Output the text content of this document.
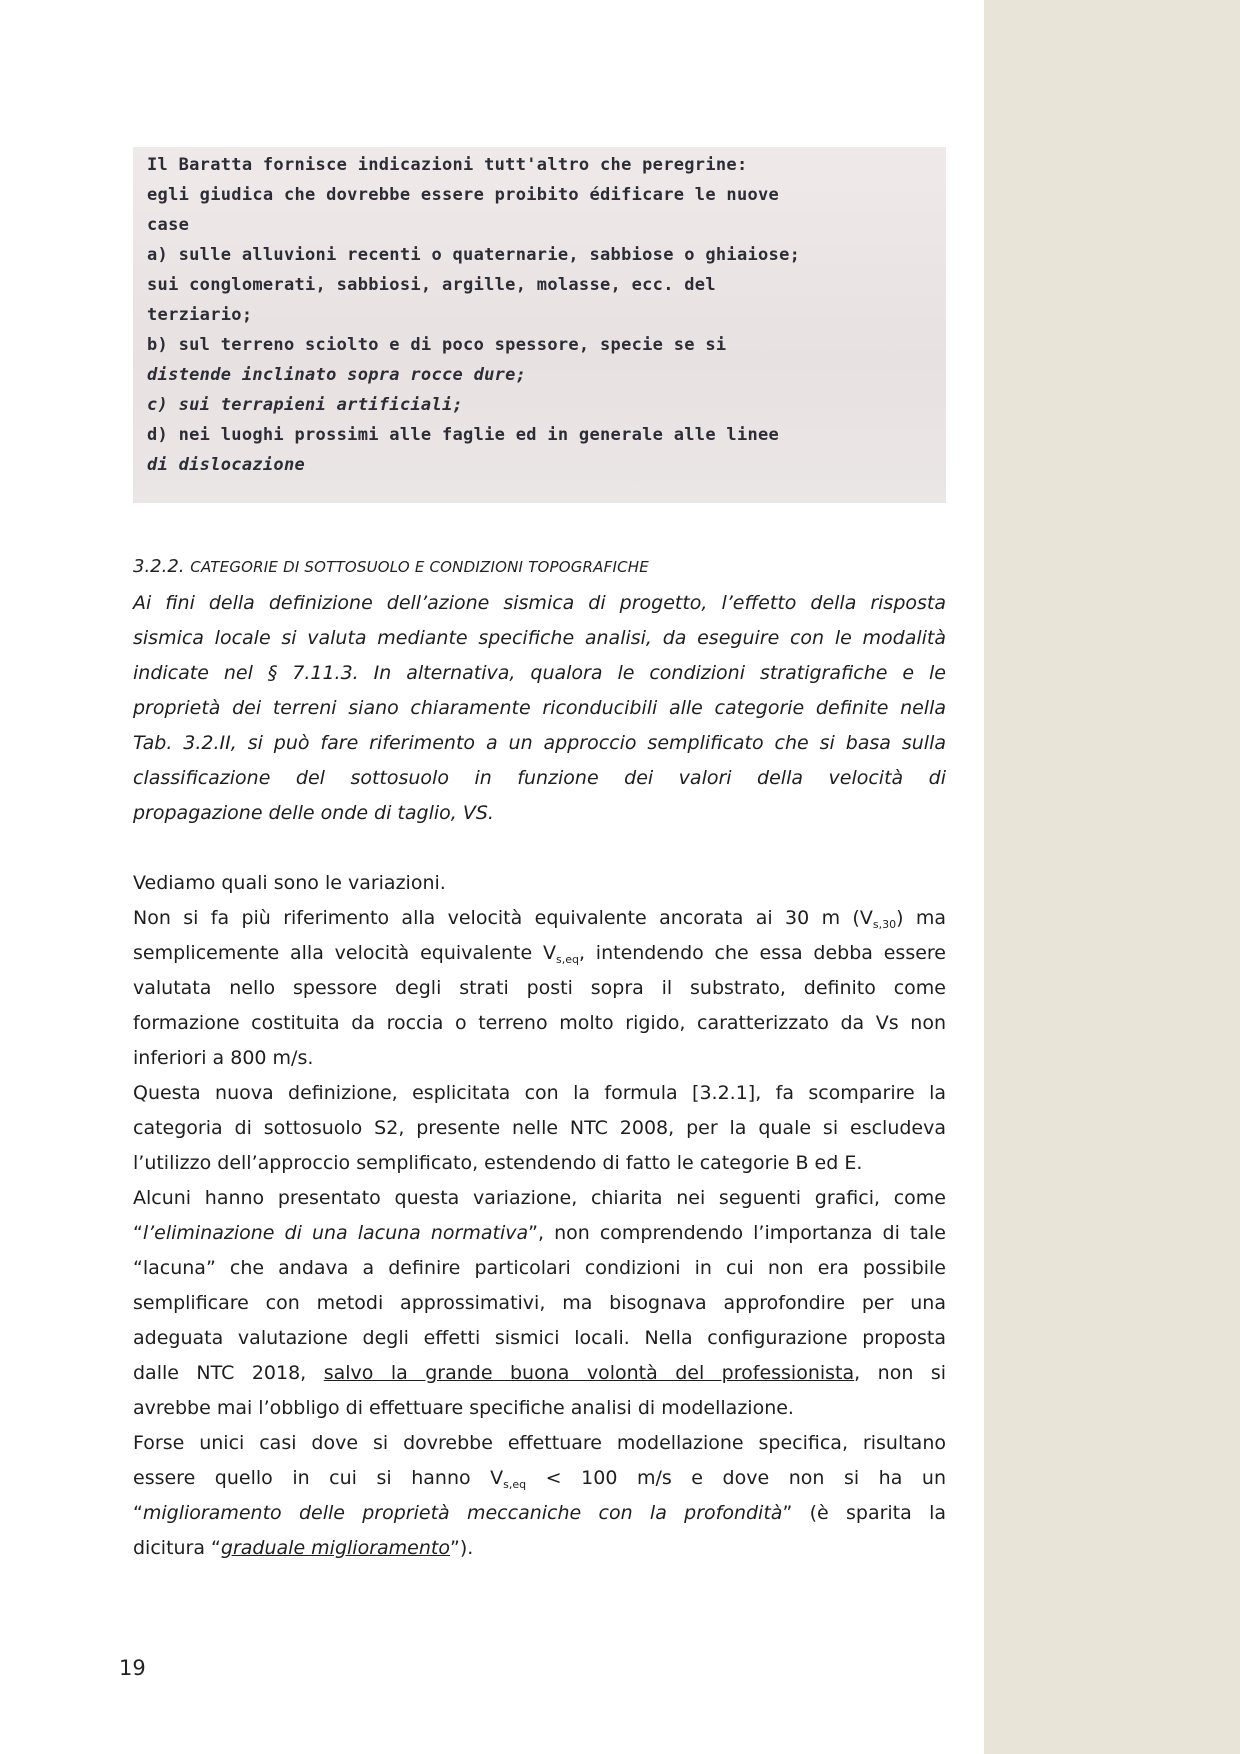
Il Baratta fornisce indicazioni tutt'altro che peregrine:
egli giudica che dovrebbe essere proibito édificare le nuove
case
a) sulle alluvioni recenti o quaternarie, sabbiose o ghiaiose;
sui conglomerati, sabbiosi, argille, molasse, ecc. del
terziario;
b) sul terreno sciolto e di poco spessore, specie se si
distende inclinato sopra rocce dure;
c) sui terrapieni artificiali;
d) nei luoghi prossimi alle faglie ed in generale alle linee
di dislocazione
3.2.2. CATEGORIE DI SOTTOSUOLO E CONDIZIONI TOPOGRAFICHE
Ai fini della definizione dell’azione sismica di progetto, l’effetto della risposta
sismica locale si valuta mediante specifiche analisi, da eseguire con le modalità
indicate nel § 7.11.3. In alternativa, qualora le condizioni stratigrafiche e le
proprietà dei terreni siano chiaramente riconducibili alle categorie definite nella
Tab. 3.2.II, si può fare riferimento a un approccio semplificato che si basa sulla
classificazione del sottosuolo in funzione dei valori della velocità di
propagazione delle onde di taglio, VS.
Vediamo quali sono le variazioni.
Non si fa più riferimento alla velocità equivalente ancorata ai 30 m $(V_{s,30})$ ma
semplicemente alla velocità equivalente $V_{s,eq}$, intendendo che essa debba essere
valutata nello spessore degli strati posti sopra il substrato, definito come
formazione costituita da roccia o terreno molto rigido, caratterizzato da Vs non
inferiori a 800 m/s.
Questa nuova definizione, esplicitata con la formula [3.2.1], fa scomparire la
categoria di sottosuolo S2, presente nelle NTC 2008, per la quale si escludeva
l’utilizzo dell’approccio semplificato, estendendo di fatto le categorie B ed E.
Alcuni hanno presentato questa variazione, chiarita nei seguenti grafici, come
“l’eliminazione di una lacuna normativa”, non comprendendo l’importanza di tale
“lacuna” che andava a definire particolari condizioni in cui non era possibile
semplificare con metodi approssimativi, ma bisognava approfondire per una
adeguata valutazione degli effetti sismici locali. Nella configurazione proposta
dalle NTC 2018, salvo la grande buona volontà del professionista, non si
avrebbe mai l’obbligo di effettuare specifiche analisi di modellazione.
Forse unici casi dove si dovrebbe effettuare modellazione specifica, risultano
essere quello in cui si hanno $V_{s,eq} < 100$ m/s e dove non si ha un
“miglioramento delle proprietà meccaniche con la profondità” (è sparita la
dicitura “graduale miglioramento”).
19
